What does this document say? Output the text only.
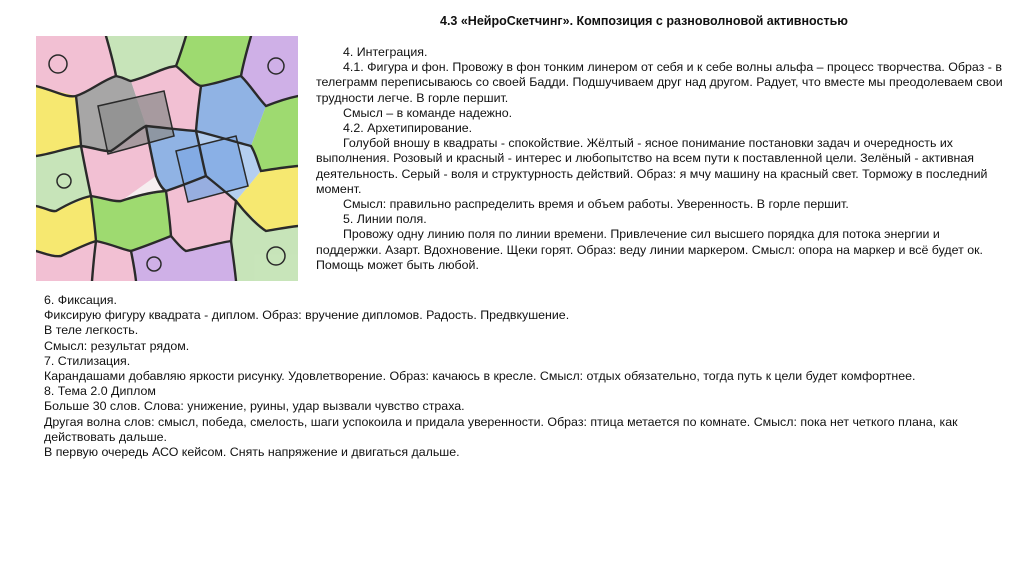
4.3 «НейроСкетчинг». Композиция с разноволновой активностью

4. Интеграция.

4.1. Фигура и фон. Провожу в фон тонким линером от себя и к себе волны альфа – процесс творчества. Образ - в телеграмм переписываюсь со своей Бадди. Подшучиваем друг над другом. Радует, что вместе мы преодолеваем свои трудности легче. В горле першит.

Смысл – в команде надежно.

4.2. Архетипирование.

Голубой вношу в квадраты - спокойствие. Жёлтый - ясное понимание постановки задач и очередность их выполнения. Розовый и красный - интерес и любопытство на всем пути к поставленной цели. Зелёный - активная деятельность. Серый - воля и структурность действий. Образ: я мчу машину на красный свет. Торможу в последний момент.

Смысл: правильно распределить время и объем работы. Уверенность. В горле першит.

5. Линии поля.

Провожу одну линию поля по линии времени. Привлечение сил высшего порядка для потока энергии и поддержки. Азарт. Вдохновение. Щеки горят. Образ: веду линии маркером. Смысл: опора на маркер и всё будет ок. Помощь может быть любой.

6. Фиксация.

Фиксирую фигуру квадрата - диплом. Образ: вручение дипломов. Радость. Предвкушение.

В теле легкость.

Смысл: результат рядом.

7. Стилизация.

Карандашами добавляю яркости рисунку. Удовлетворение. Образ: качаюсь в кресле. Смысл: отдых обязательно, тогда путь к цели будет комфортнее.

8. Тема 2.0 Диплом

Больше 30 слов. Слова: унижение, руины, удар вызвали чувство страха.

Другая волна слов: смысл, победа, смелость, шаги успокоила и придала уверенности. Образ: птица метается по комнате. Смысл: пока нет четкого плана, как действовать дальше.

В первую очередь АСО кейсом. Снять напряжение и двигаться дальше.
